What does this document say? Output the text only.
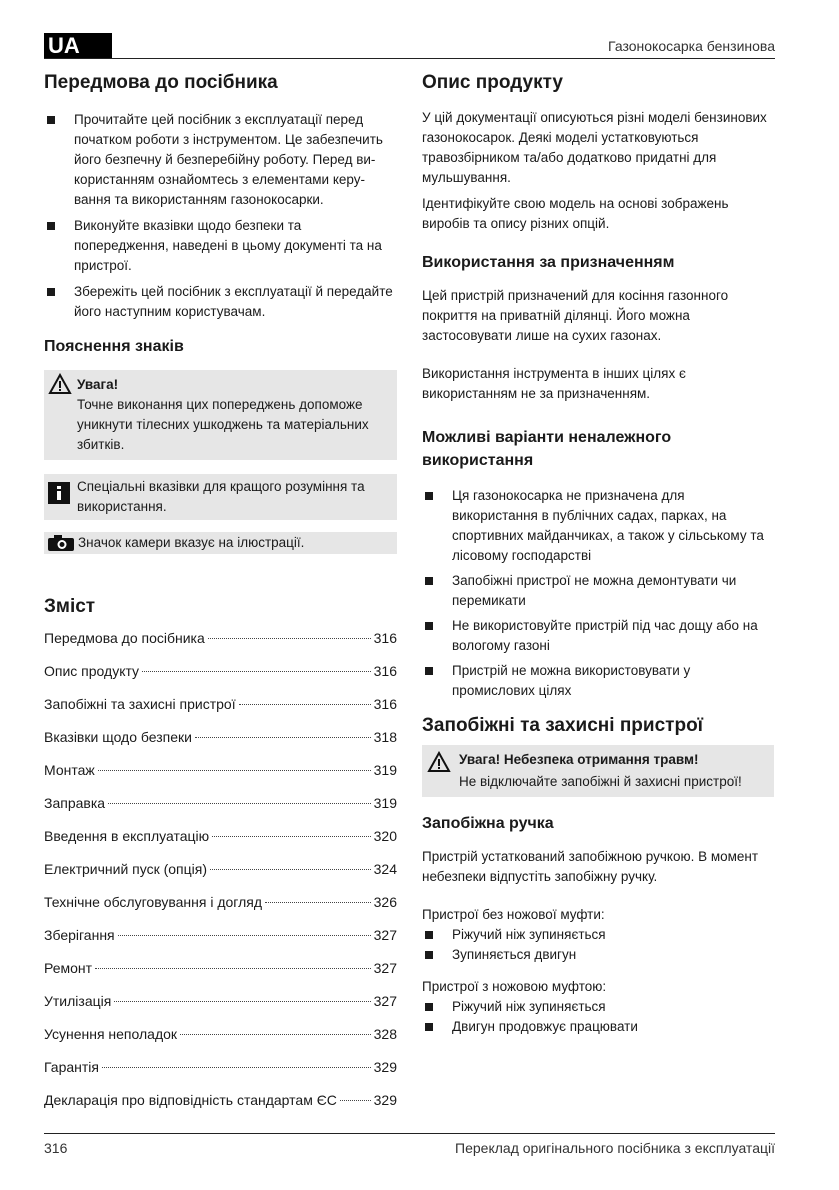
UA	Газонокосарка бензинова
Передмова до посібника
Прочитайте цей посібник з експлуатації перед початком роботи з інструментом. Це забезпечить його безпечну й безперебійну роботу. Перед ви-користанням ознайомтесь з елементами керу-вання та використанням газонокосарки.
Виконуйте вказівки щодо безпеки та попередження, наведені в цьому документі та на пристрої.
Збережіть цей посібник з експлуатації й передайте його наступним користувачам.
Пояснення знаків

Увага!

Точне виконання цих попереджень допоможе уникнути тілесних ушкоджень та матеріальних збитків.

Спеціальні вказівки для кращого розуміння та використання.

Значок камери вказує на ілюстрації.

Зміст
Передмова до посібника	316
Опис продукту	316
Запобіжні та захисні пристрої	316
Вказівки щодо безпеки	318
Монтаж	319
Заправка	319
Введення в експлуатацію	320
Електричний пуск (опція)	324
Технічне обслуговування і догляд	326
Зберігання	327
Ремонт	327
Утилізація	327
Усунення неполадок	328
Гарантія	329
Декларація про відповідність стандартам ЄС	329
Опис продукту

У цій документації описуються різні моделі бензинових газонокосарок. Деякі моделі устатковуються травозбірником та/або додатково придатні для мульшування.

Ідентифікуйте свою модель на основі зображень виробів та опису різних опцій.

Використання за призначенням

Цей пристрій призначений для косіння газонного покриття на приватній ділянці. Його можна застосовувати лише на сухих газонах.

Використання інструмента в інших цілях є використанням не за призначенням.

Можливі варіанти неналежного використання
Ця газонокосарка не призначена для використання в публічних садах, парках, на спортивних майданчиках, а також у сільському та лісовому господарстві
Запобіжні пристрої не можна демонтувати чи перемикати
Не використовуйте пристрій під час дощу або на вологому газоні
Пристрій не можна використовувати у промислових цілях
Запобіжні та захисні пристрої

Увага! Небезпека отримання травм!

Не відключайте запобіжні й захисні пристрої!

Запобіжна ручка

Пристрій устаткований запобіжною ручкою. В момент небезпеки відпустіть запобіжну ручку.

Пристрої без ножової муфти:

Ріжучий ніж зупиняється
Зупиняється двигун

Пристрої з ножовою муфтою:

Ріжучий ніж зупиняється
Двигун продовжує працювати
316	Переклад оригінального посібника з експлуатації
